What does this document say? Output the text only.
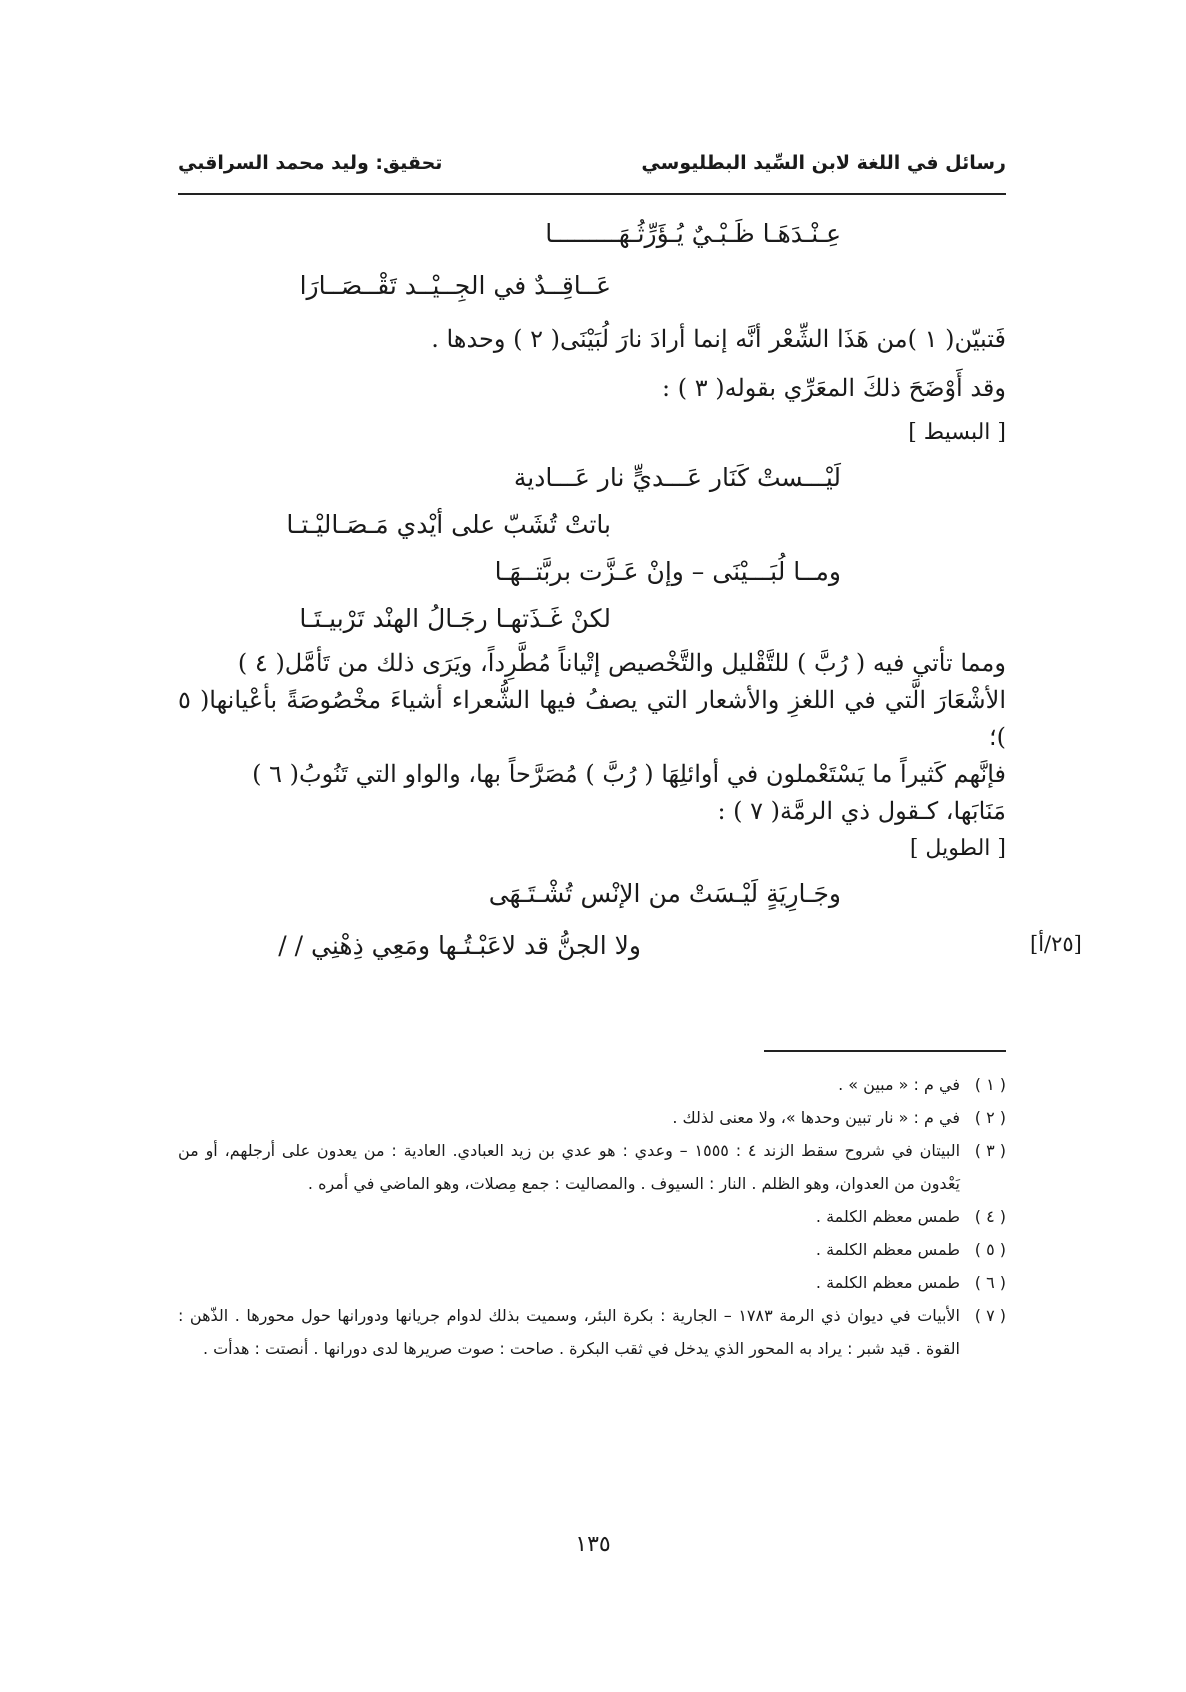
رسائل في اللغة لابن السِّيد البطليوسي
تحقيق: وليد محمد السراقبي
عِـنْـدَهَـا ظَـبْـيٌ يُـؤَرِّثُـهَـــــــــا
عَــاقِــدٌ في الجِــيْــد تَقْــصَــارَا
فَتبيّن( ١ )من هَذَا الشِّعْر أنَّه إنما أرادَ نارَ لُبَيْنَى( ٢ ) وحدها .
وقد أَوْضَحَ ذلكَ المعَرِّي بقوله( ٣ ) :
[ البسيط ]
لَيْـــستْ كَنَار عَـــديٍّ نار عَـــادية
باتتْ تُشَبّ على أيْدي مَـصَـاليْـتـا
ومــا لُبَـــيْنَى – وإنْ عَـزَّت بربَّتــهَـا
لكنْ غَـذَتهـا رجَـالُ الهنْد تَرْبيـتَـا

ومما تأتي فيه ( رُبَّ ) للتَّقْليل والتَّخْصيص إتْياناً مُطَّرِداً، ويَرَى ذلك من تَأمَّل( ٤ )

الأشْعَارَ الَّتي في اللغزِ والأشعار التي يصفُ فيها الشُّعراء أشياءَ مخْصُوصَةً بأعْيانها( ٥ )؛

فإنَّهم كَثيراً ما يَسْتَعْملون في أوائلِهَا ( رُبَّ ) مُصَرَّحاً بها، والواو التي تَنُوبُ( ٦ )

مَنَابَها، كـقول ذي الرمَّة( ٧ ) :

[ الطويل ]
وجَـارِيَةٍ لَيْـسَتْ من الإنْس تُشْـتَـهَى
ولا الجنُّ قد لاعَبْـتُـها ومَعِي ذِهْنِي / /	[٢٥/أ]
( ١ )
في م : « مبين » .
( ٢ )
في م : « نار تبين وحدها »، ولا معنى لذلك .
( ٣ )
البيتان في شروح سقط الزند ٤ : ١٥٥٥ – وعدي : هو عدي بن زيد العبادي. العادية : من يعدون على أرجلهم، أو من يَعْدون من العدوان، وهو الظلم . النار : السيوف . والمصاليت : جمع مِصلات، وهو الماضي في أمره .
( ٤ )
طمس معظم الكلمة .
( ٥ )
طمس معظم الكلمة .
( ٦ )
طمس معظم الكلمة .
( ٧ )
الأبيات في ديوان ذي الرمة ١٧٨٣ – الجارية : بكرة البئر، وسميت بذلك لدوام جريانها ودورانها حول محورها . الذّهن : القوة . قيد شبر : يراد به المحور الذي يدخل في ثقب البكرة . صاحت : صوت صريرها لدى دورانها . أنصتت : هدأت .
١٣٥
